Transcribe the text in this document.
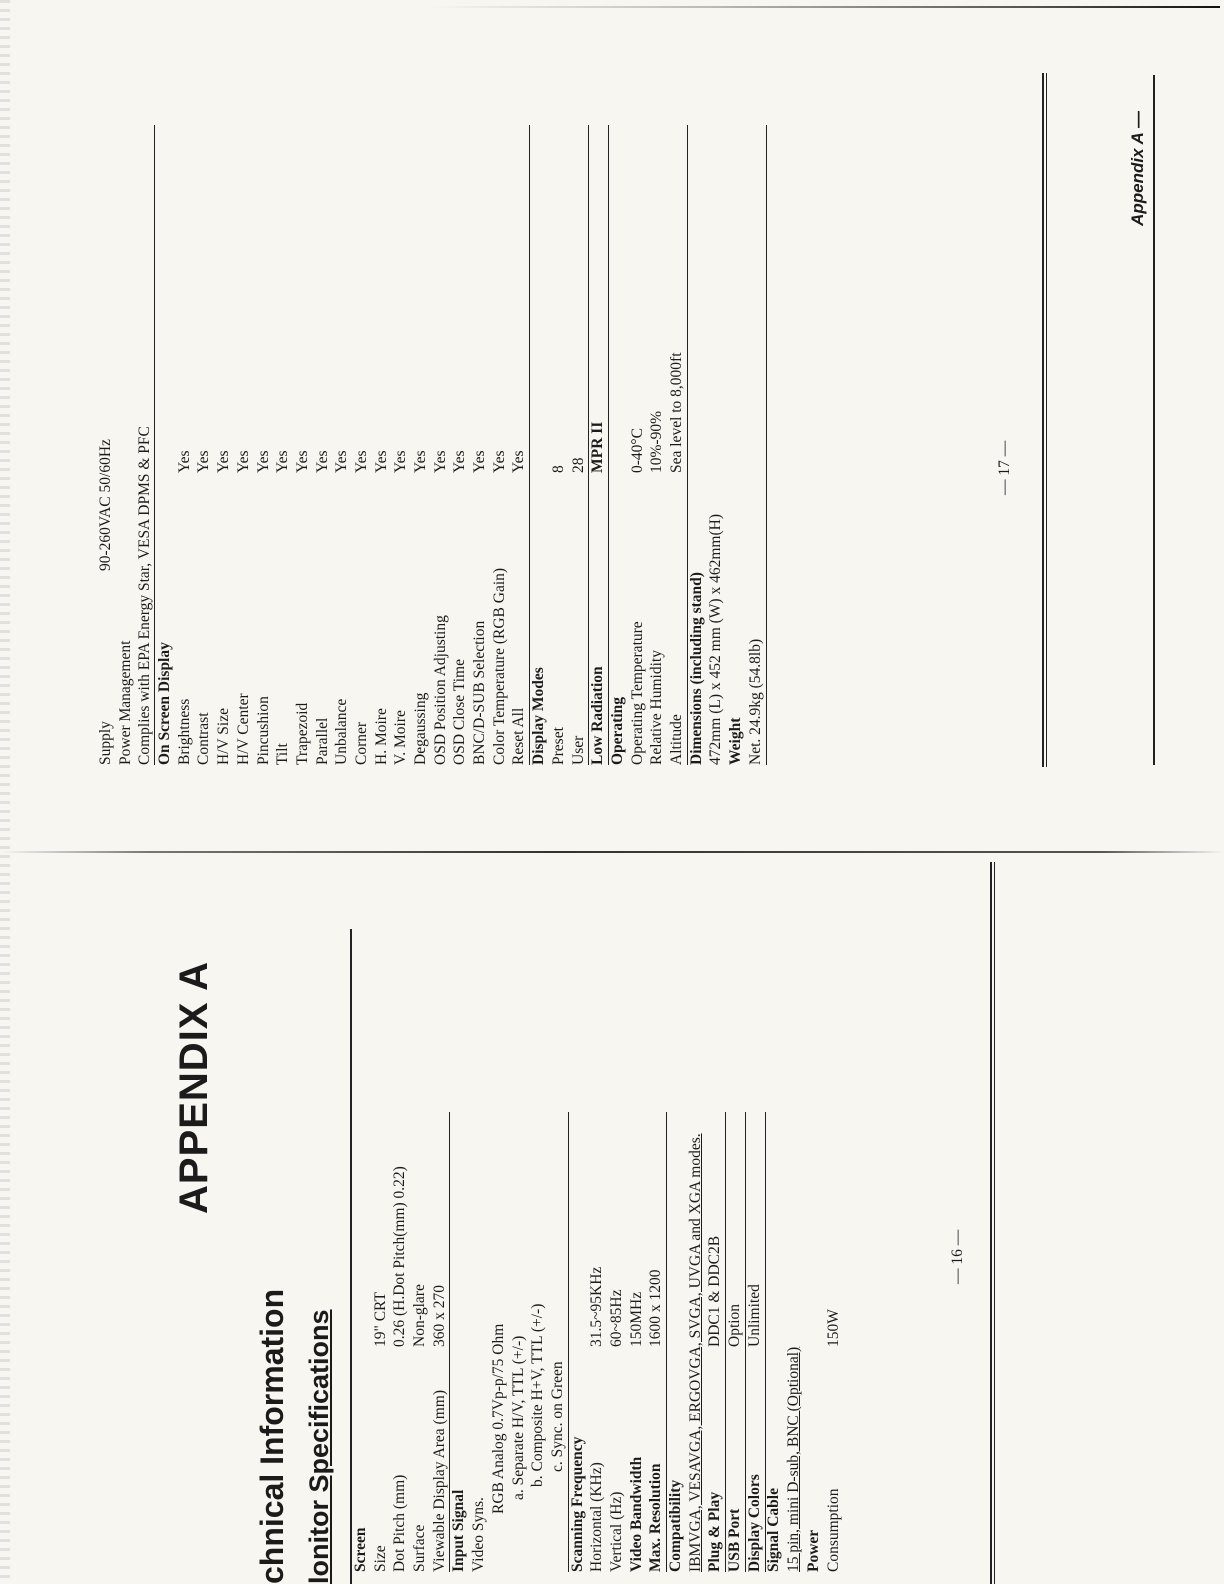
Appendix A —
Supply
90-260VAC 50/60Hz
Power Management Complies with EPA Energy Star, VESA DPMS & PFC On Screen Display Brightness
Yes
Contrast
Yes
H/V Size
Yes
H/V Center
Yes
Pincushion
Yes
Tilt
Yes
Trapezoid
Yes
Parallel
Yes
Unbalance
Yes
Corner
Yes
H. Moire
Yes
V. Moire
Yes
Degaussing
Yes
OSD Position Adjusting
Yes
OSD Close Time
Yes
BNC/D-SUB Selection
Yes
Color Temperature (RGB Gain)
Yes
Reset All
Yes
Display Modes Preset
8
User
28
Low Radiation
MPR II
Operating Operating Temperature
0-40°C
Relative Humidity
10%-90%
Altitude
Sea level to 8,000ft
Dimensions (including stand) 472mm (L) x 452 mm (W) x 462mm(H) Weight Net. 24.9kg (54.8lb)
— 17 —
APPENDIX A
chnical Information lonitor Specifications Screen Size
19" CRT
Dot Pitch (mm)
0.26 (H.Dot Pitch(mm) 0.22)
Surface
Non-glare
Viewable Display Area (mm)
360 x 270
Input Signal Video Syns.
RGB Analog 0.7Vp-p/75 Ohm a. Separate H/V, TTL (+/-) b. Composite H+V, TTL (+/-) c. Sync. on Green
Scanning Frequency Horizontal (KHz)
31.5~95KHz
Vertical (Hz)
60~85Hz
Video Bandwidth
150MHz
Max. Resolution
1600 x 1200
Compatibility IBMVGA, VESAVGA, ERGOVGA, SVGA, UVGA and XGA modes. Plug & Play
DDC1 & DDC2B
USB Port
Option
Display Colors
Unlimited
Signal Cable 15 pin, mini D-sub, BNC (Optional) Power Consumption
150W
— 16 —
